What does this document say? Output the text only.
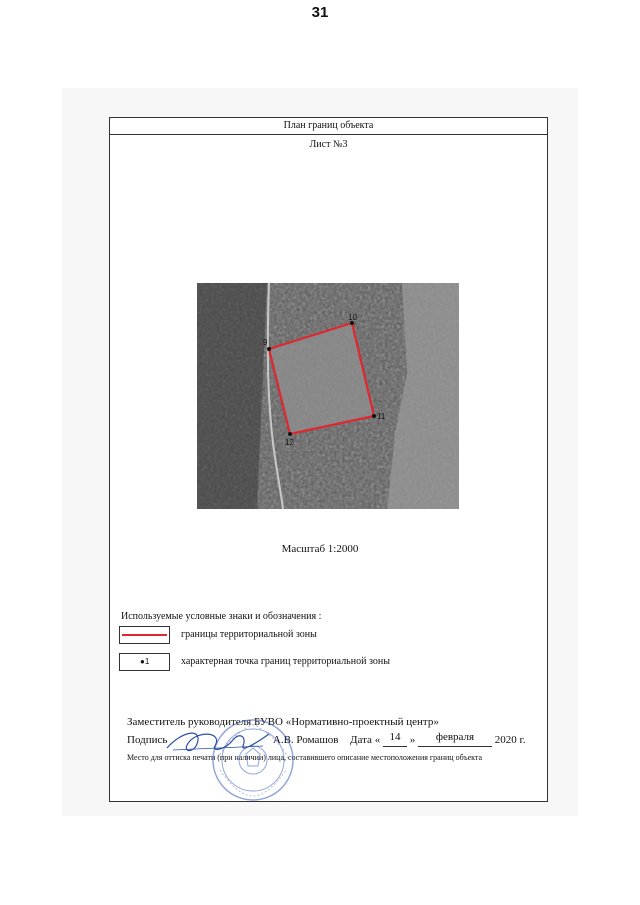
31
План границ объекта
Лист №3
9
10
11
12
Масштаб 1:2000
Используемые условные знаки и обозначения :
границы территориальной зоны
●1	характерная точка границ территориальной зоны
Заместитель руководителя БУВО «Нормативно-проектный центр»
Подпись	А.В. Ромашов Дата « 14 » февраля 2020 г.
Место для оттиска печати (при наличии) лица, составившего описание местоположения границ объекта
